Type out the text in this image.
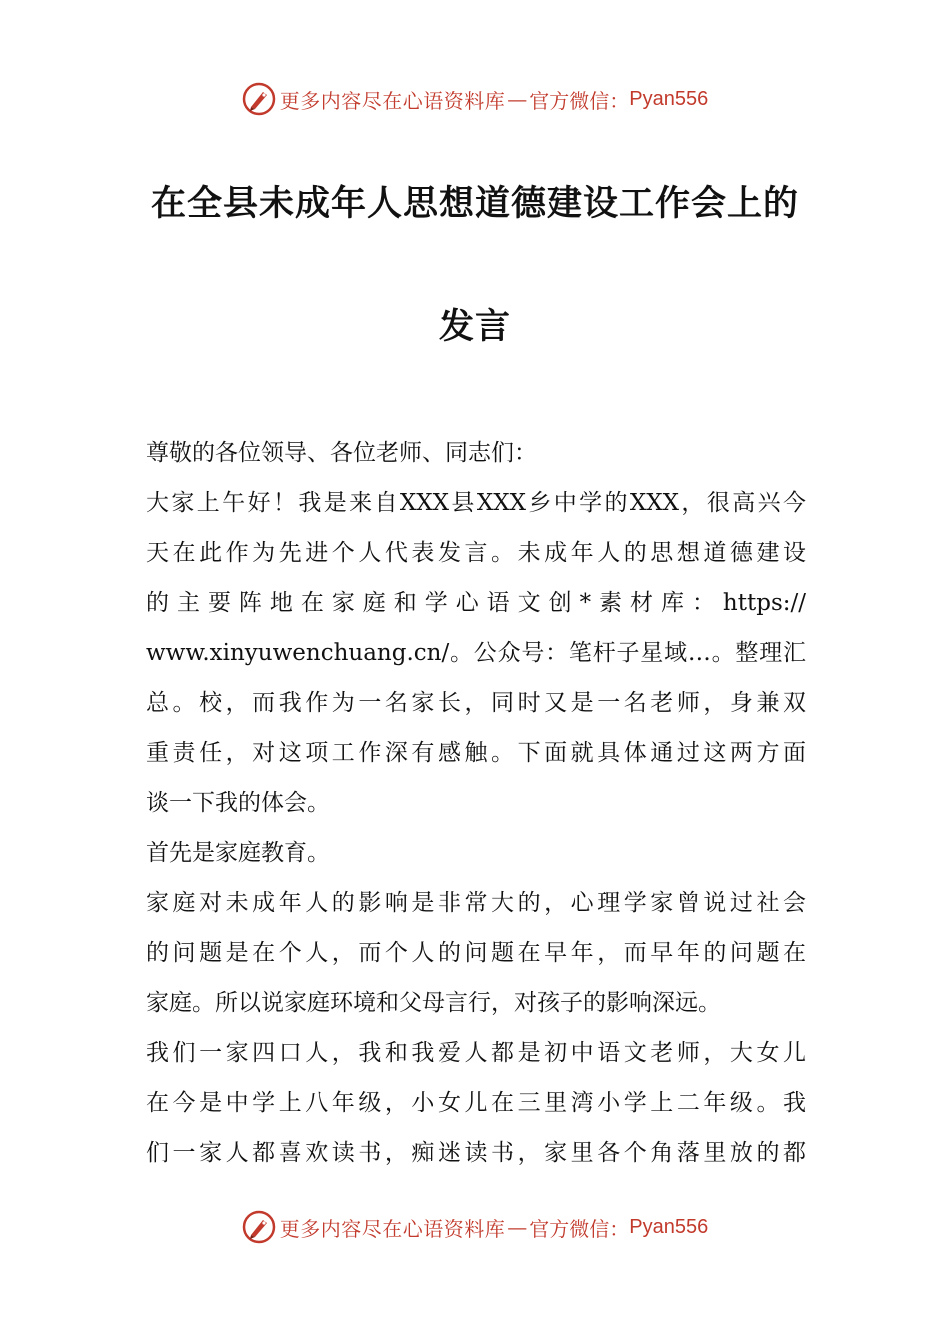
更多内容尽在心语资料库 — 官方微信： Pyan556
在全县未成年人思想道德建设工作会上的
发言
尊敬的各位领导、各位老师、同志们：
大家上午好！我是来自XXX县XXX乡中学的XXX，很高兴今
天在此作为先进个人代表发言。未成年人的思想道德建设
的主要阵地在家庭和学心语文创*素材库：https://
www.xinyuwenchuang.cn/。公众号：笔杆子星域…。整理汇
总。校，而我作为一名家长，同时又是一名老师，身兼双
重责任，对这项工作深有感触。下面就具体通过这两方面
谈一下我的体会。
首先是家庭教育。
家庭对未成年人的影响是非常大的，心理学家曾说过社会
的问题是在个人，而个人的问题在早年，而早年的问题在
家庭。所以说家庭环境和父母言行，对孩子的影响深远。
我们一家四口人，我和我爱人都是初中语文老师，大女儿
在今是中学上八年级，小女儿在三里湾小学上二年级。我
们一家人都喜欢读书，痴迷读书，家里各个角落里放的都
更多内容尽在心语资料库 — 官方微信： Pyan556
